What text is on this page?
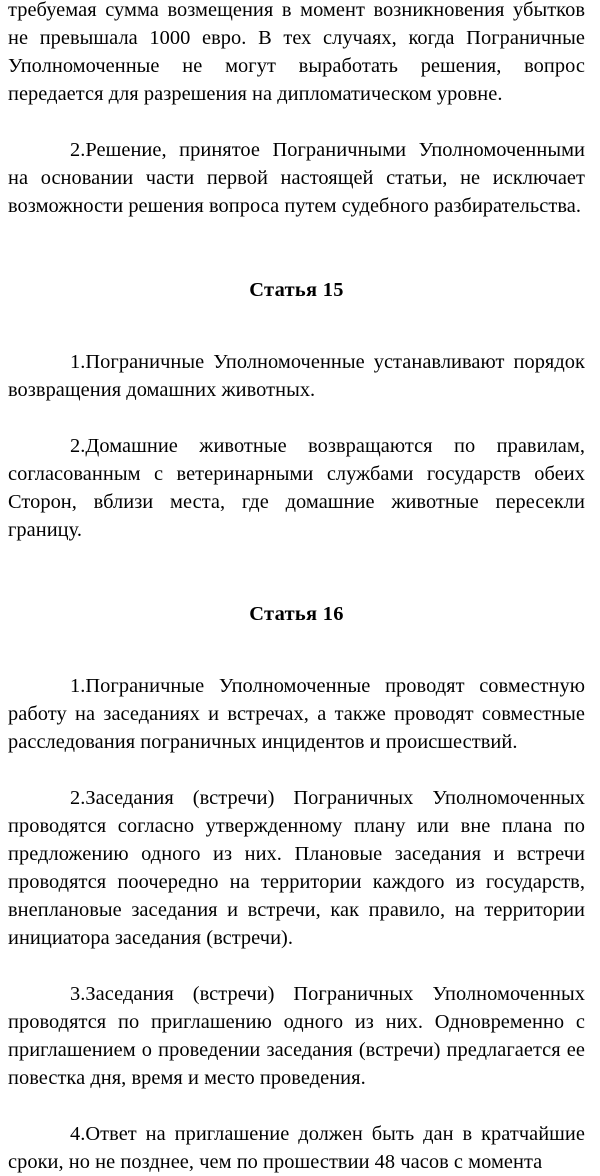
требуемая сумма возмещения в момент возникновения убытков не превышала 1000 евро. В тех случаях, когда Пограничные Уполномоченные не могут выработать решения, вопрос передается для разрешения на дипломатическом уровне.

2.Решение, принятое Пограничными Уполномоченными на основании части первой настоящей статьи, не исключает возможности решения вопроса путем судебного разбирательства.

Статья 15

1.Пограничные Уполномоченные устанавливают порядок возвращения домашних животных.

2.Домашние животные возвращаются по правилам, согласованным с ветеринарными службами государств обеих Сторон, вблизи места, где домашние животные пересекли границу.

Статья 16

1.Пограничные Уполномоченные проводят совместную работу на заседаниях и встречах, а также проводят совместные расследования пограничных инцидентов и происшествий.

2.Заседания (встречи) Пограничных Уполномоченных проводятся согласно утвержденному плану или вне плана по предложению одного из них. Плановые заседания и встречи проводятся поочередно на территории каждого из государств, внеплановые заседания и встречи, как правило, на территории инициатора заседания (встречи).

3.Заседания (встречи) Пограничных Уполномоченных проводятся по приглашению одного из них. Одновременно с приглашением о проведении заседания (встречи) предлагается ее повестка дня, время и место проведения.

4.Ответ на приглашение должен быть дан в кратчайшие сроки, но не позднее, чем по прошествии 48 часов с момента
